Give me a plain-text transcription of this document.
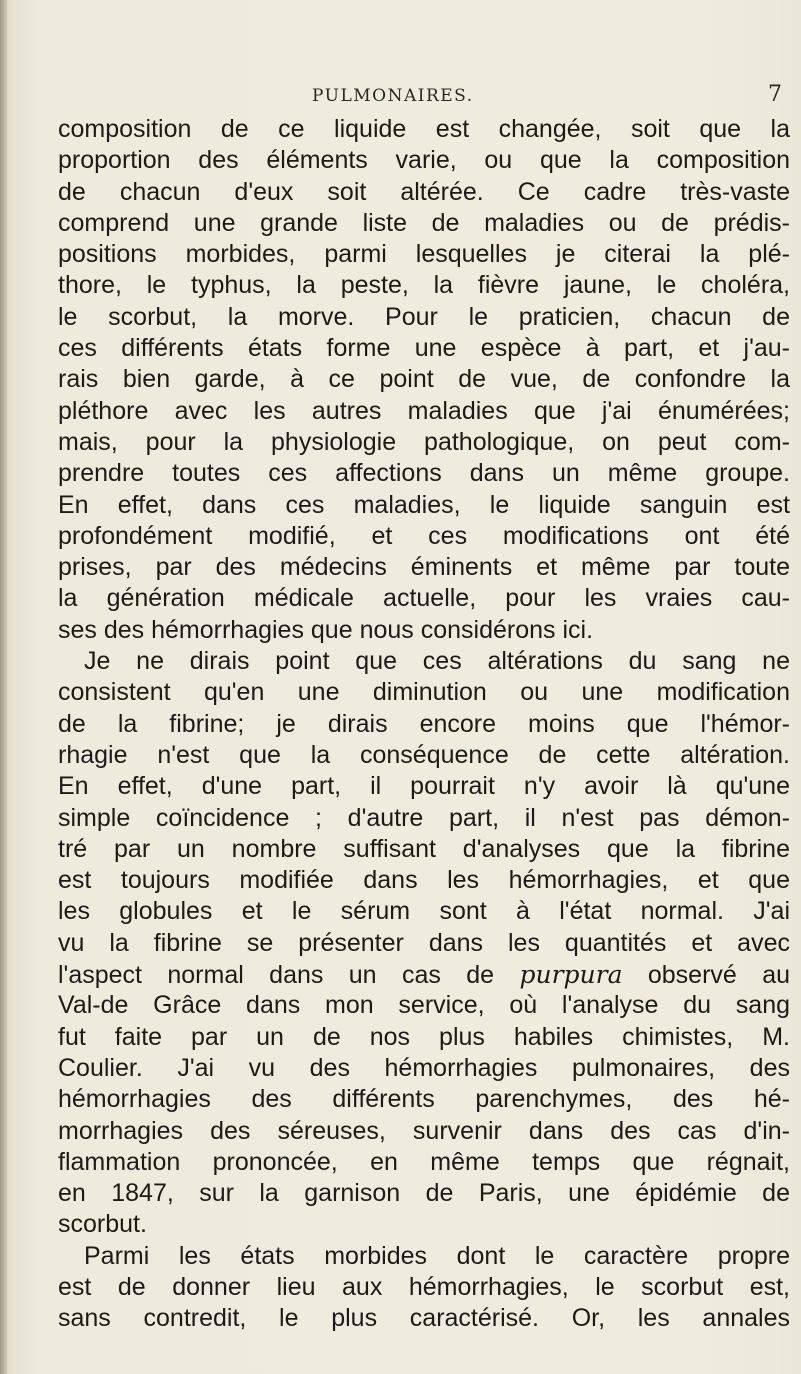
PULMONAIRES.	7
composition de ce liquide est changée, soit que la
proportion des éléments varie, ou que la composition
de chacun d'eux soit altérée. Ce cadre très-vaste
comprend une grande liste de maladies ou de prédis-
positions morbides, parmi lesquelles je citerai la plé-
thore, le typhus, la peste, la fièvre jaune, le choléra,
le scorbut, la morve. Pour le praticien, chacun de
ces différents états forme une espèce à part, et j'au-
rais bien garde, à ce point de vue, de confondre la
pléthore avec les autres maladies que j'ai énumérées;
mais, pour la physiologie pathologique, on peut com-
prendre toutes ces affections dans un même groupe.
En effet, dans ces maladies, le liquide sanguin est
profondément modifié, et ces modifications ont été
prises, par des médecins éminents et même par toute
la génération médicale actuelle, pour les vraies cau-
ses des hémorrhagies que nous considérons ici.
Je ne dirais point que ces altérations du sang ne
consistent qu'en une diminution ou une modification
de la fibrine; je dirais encore moins que l'hémor-
rhagie n'est que la conséquence de cette altération.
En effet, d'une part, il pourrait n'y avoir là qu'une
simple coïncidence ; d'autre part, il n'est pas démon-
tré par un nombre suffisant d'analyses que la fibrine
est toujours modifiée dans les hémorrhagies, et que
les globules et le sérum sont à l'état normal. J'ai
vu la fibrine se présenter dans les quantités et avec
l'aspect normal dans un cas de purpura observé au
Val-de Grâce dans mon service, où l'analyse du sang
fut faite par un de nos plus habiles chimistes, M.
Coulier. J'ai vu des hémorrhagies pulmonaires, des
hémorrhagies des différents parenchymes, des hé-
morrhagies des séreuses, survenir dans des cas d'in-
flammation prononcée, en même temps que régnait,
en 1847, sur la garnison de Paris, une épidémie de
scorbut.
Parmi les états morbides dont le caractère propre
est de donner lieu aux hémorrhagies, le scorbut est,
sans contredit, le plus caractérisé. Or, les annales
